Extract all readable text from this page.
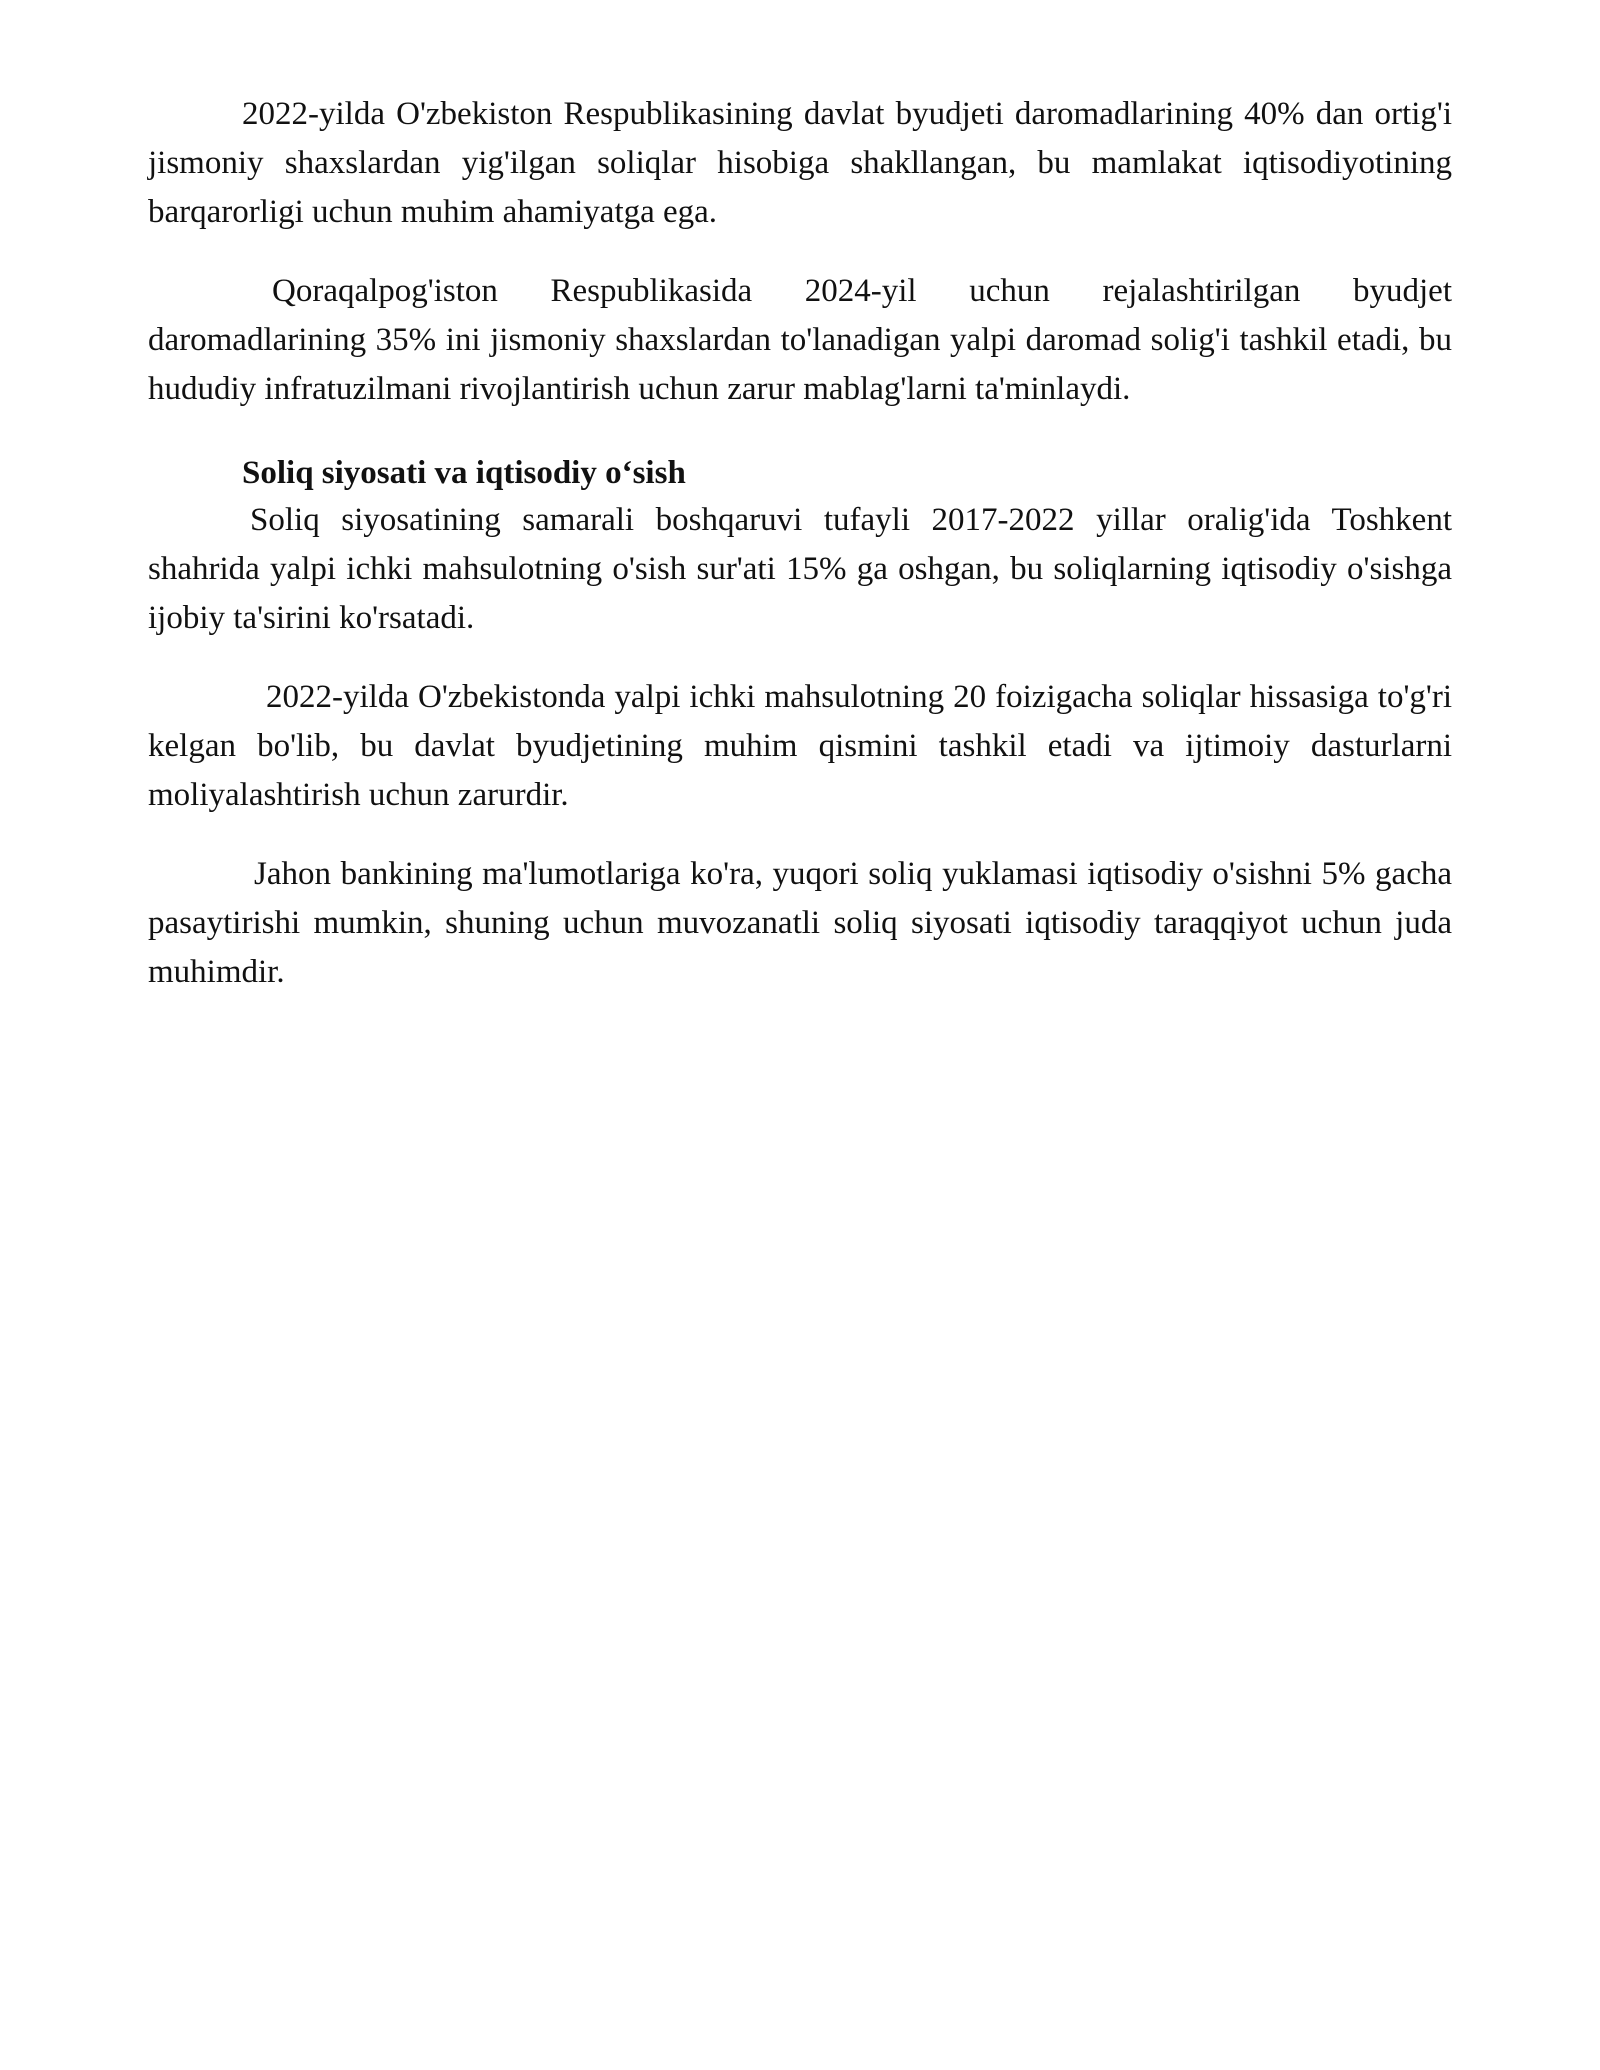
2022-yilda O'zbekiston Respublikasining davlat byudjeti daromadlarining 40% dan ortig'i jismoniy shaxslardan yig'ilgan soliqlar hisobiga shakllangan, bu mamlakat iqtisodiyotining barqarorligi uchun muhim ahamiyatga ega.

Qoraqalpog'iston Respublikasida 2024-yil uchun rejalashtirilgan byudjet daromadlarining 35% ini jismoniy shaxslardan to'lanadigan yalpi daromad solig'i tashkil etadi, bu hududiy infratuzilmani rivojlantirish uchun zarur mablag'larni ta'minlaydi.

Soliq siyosati va iqtisodiy o‘sish

Soliq siyosatining samarali boshqaruvi tufayli 2017-2022 yillar oralig'ida Toshkent shahrida yalpi ichki mahsulotning o'sish sur'ati 15% ga oshgan, bu soliqlarning iqtisodiy o'sishga ijobiy ta'sirini ko'rsatadi.

2022-yilda O'zbekistonda yalpi ichki mahsulotning 20 foizigacha soliqlar hissasiga to'g'ri kelgan bo'lib, bu davlat byudjetining muhim qismini tashkil etadi va ijtimoiy dasturlarni moliyalashtirish uchun zarurdir.

Jahon bankining ma'lumotlariga ko'ra, yuqori soliq yuklamasi iqtisodiy o'sishni 5% gacha pasaytirishi mumkin, shuning uchun muvozanatli soliq siyosati iqtisodiy taraqqiyot uchun juda muhimdir.
